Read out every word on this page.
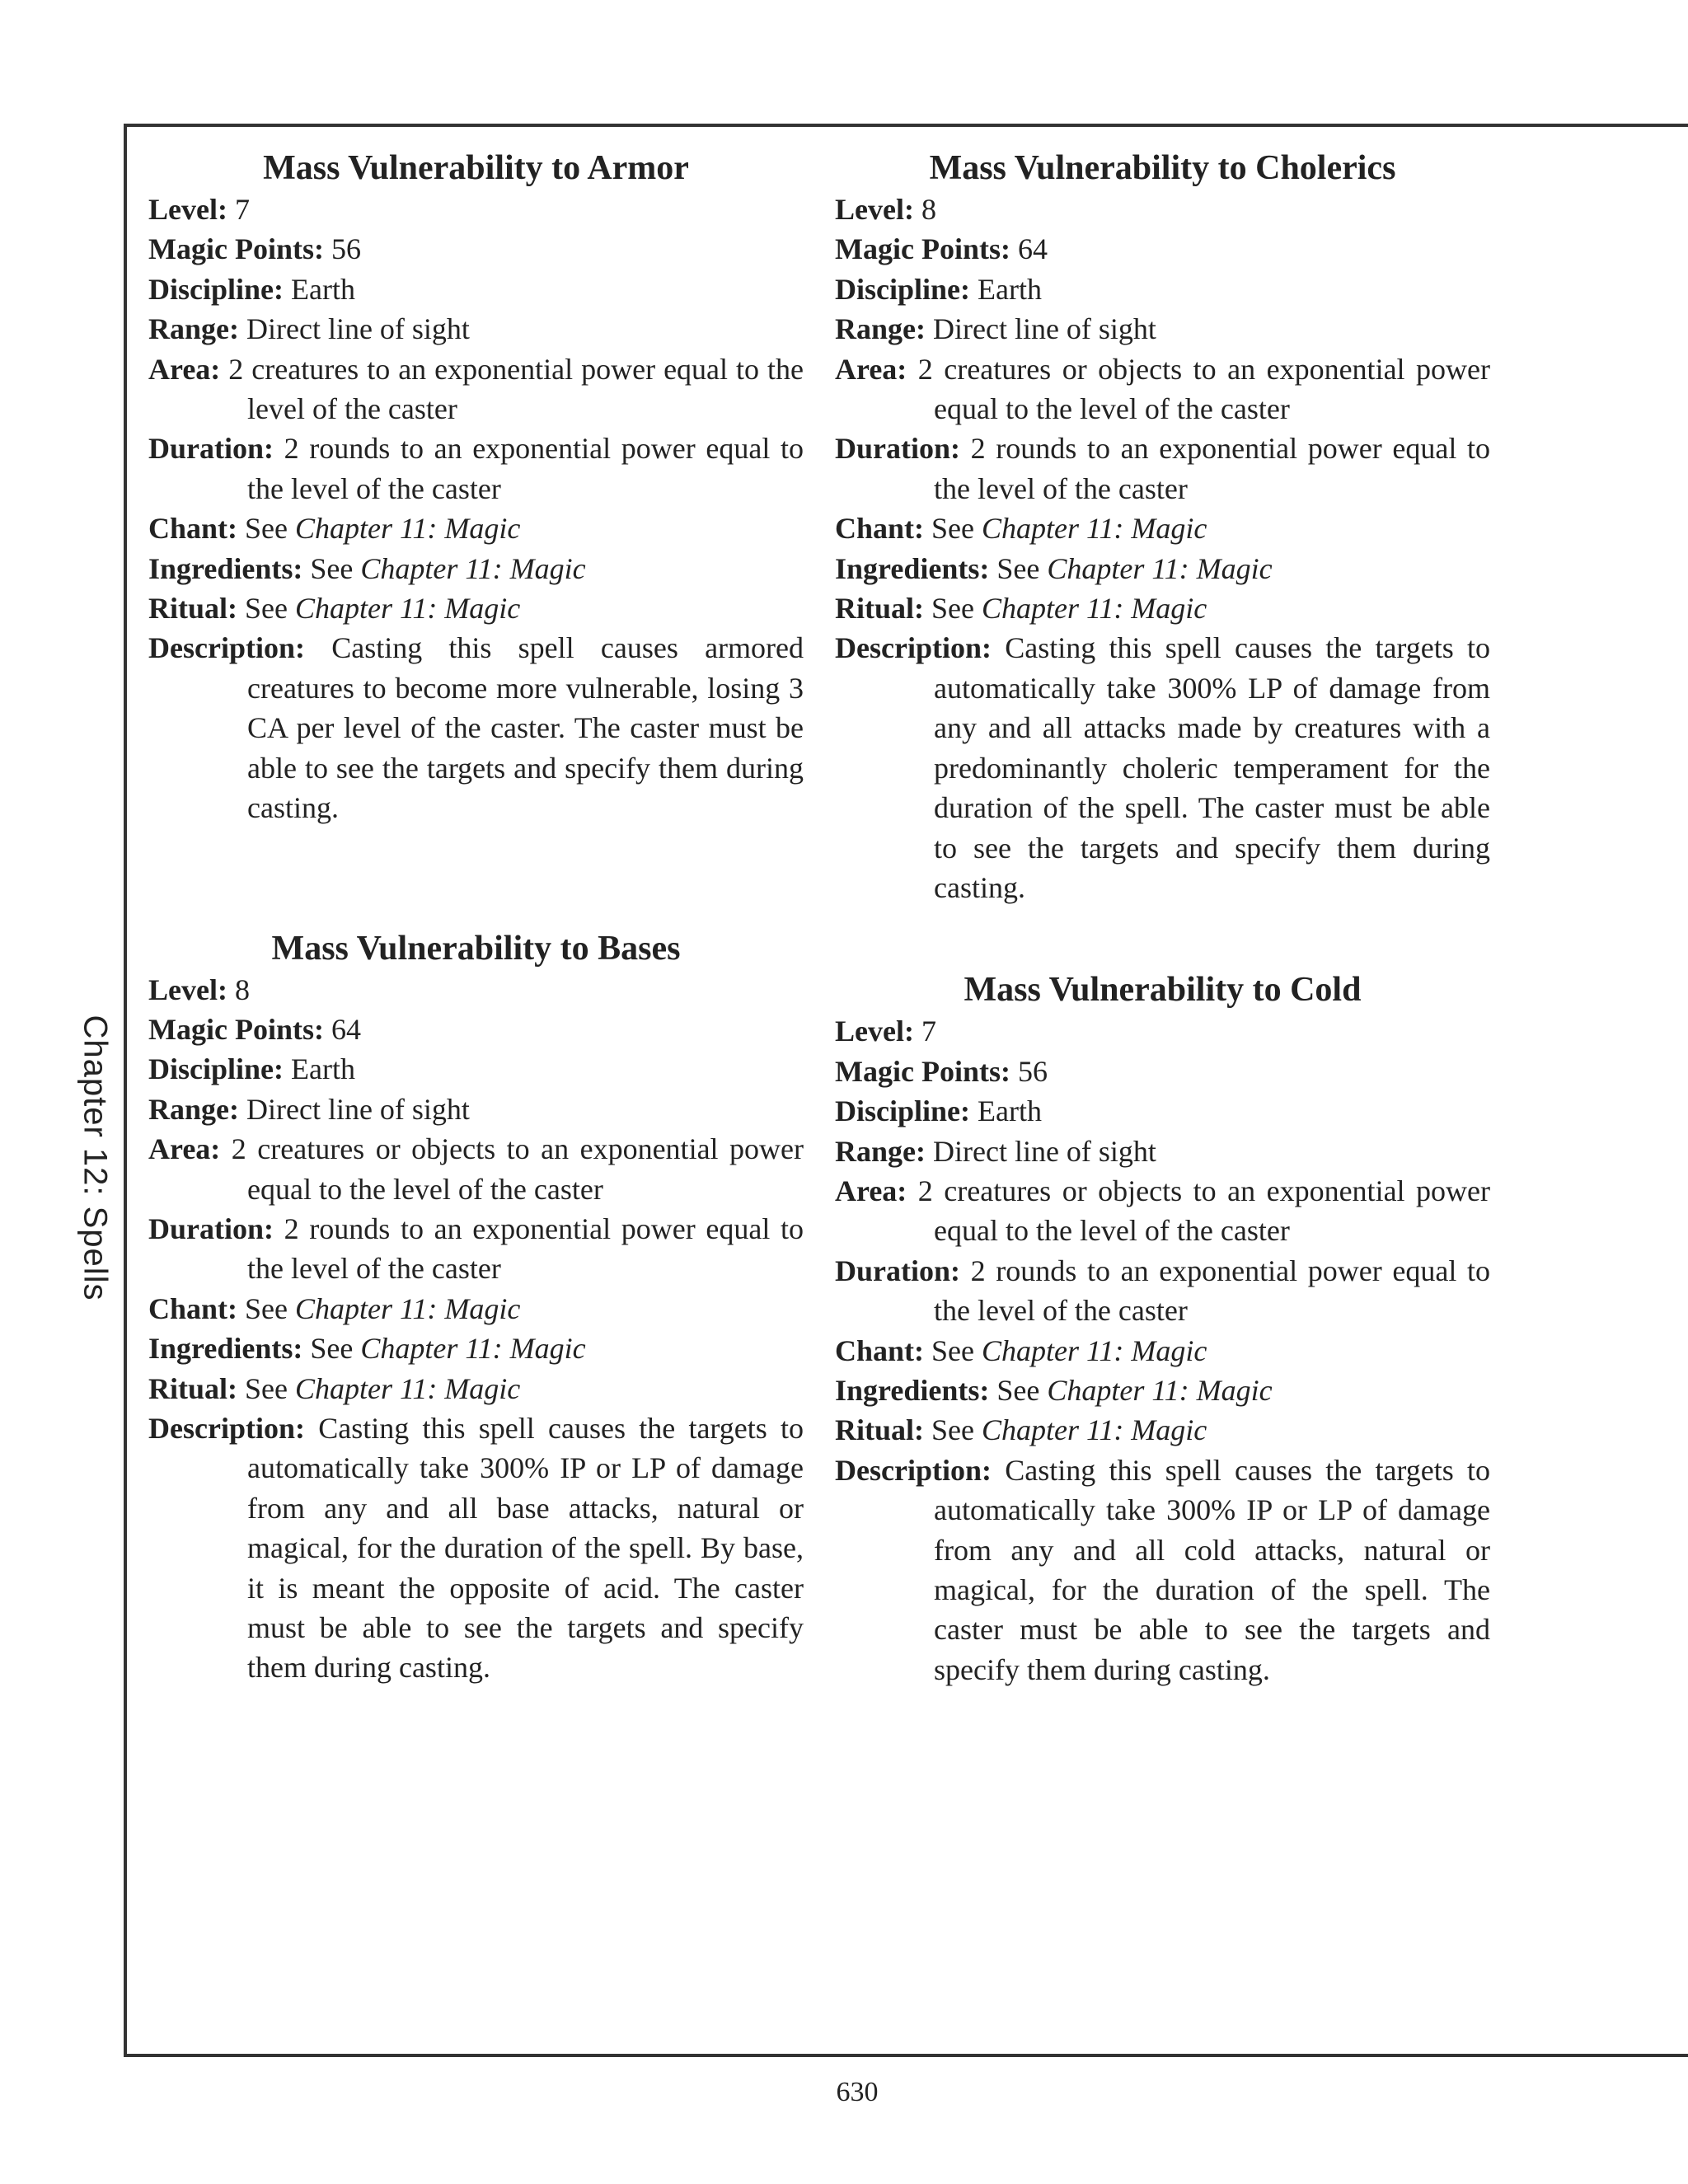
Chapter 12: Spells
Mass Vulnerability to Armor

Level: 7

Magic Points: 56

Discipline: Earth

Range: Direct line of sight

Area: 2 creatures to an exponential power equal to the level of the caster

Duration: 2 rounds to an exponential power equal to the level of the caster

Chant: See Chapter 11: Magic

Ingredients: See Chapter 11: Magic

Ritual: See Chapter 11: Magic

Description: Casting this spell causes armored creatures to become more vulnerable, losing 3 CA per level of the caster. The caster must be able to see the targets and specify them during casting.

Mass Vulnerability to Bases

Level: 8

Magic Points: 64

Discipline: Earth

Range: Direct line of sight

Area: 2 creatures or objects to an exponential power equal to the level of the caster

Duration: 2 rounds to an exponential power equal to the level of the caster

Chant: See Chapter 11: Magic

Ingredients: See Chapter 11: Magic

Ritual: See Chapter 11: Magic

Description: Casting this spell causes the targets to automatically take 300% IP or LP of damage from any and all base attacks, natural or magical, for the duration of the spell. By base, it is meant the opposite of acid. The caster must be able to see the targets and specify them during casting.

Mass Vulnerability to Cholerics

Level: 8

Magic Points: 64

Discipline: Earth

Range: Direct line of sight

Area: 2 creatures or objects to an exponential power equal to the level of the caster

Duration: 2 rounds to an exponential power equal to the level of the caster

Chant: See Chapter 11: Magic

Ingredients: See Chapter 11: Magic

Ritual: See Chapter 11: Magic

Description: Casting this spell causes the targets to automatically take 300% LP of damage from any and all attacks made by creatures with a predominantly choleric temperament for the duration of the spell. The caster must be able to see the targets and specify them during casting.

Mass Vulnerability to Cold

Level: 7

Magic Points: 56

Discipline: Earth

Range: Direct line of sight

Area: 2 creatures or objects to an exponential power equal to the level of the caster

Duration: 2 rounds to an exponential power equal to the level of the caster

Chant: See Chapter 11: Magic

Ingredients: See Chapter 11: Magic

Ritual: See Chapter 11: Magic

Description: Casting this spell causes the targets to automatically take 300% IP or LP of damage from any and all cold attacks, natural or magical, for the duration of the spell. The caster must be able to see the targets and specify them during casting.

630
